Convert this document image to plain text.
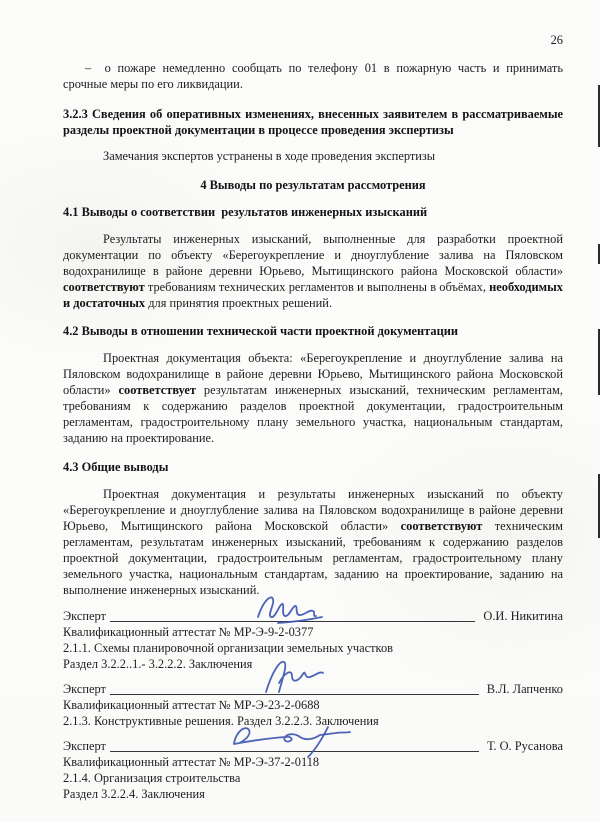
26

–  о пожаре немедленно сообщать по телефону 01 в пожарную часть и принимать срочные меры по его ликвидации.

3.2.3 Сведения об оперативных изменениях, внесенных заявителем в рассматриваемые разделы проектной документации в процессе проведения экспертизы

Замечания экспертов устранены в ходе проведения экспертизы

4 Выводы по результатам рассмотрения

4.1 Выводы о соответствии  результатов инженерных изысканий

Результаты инженерных изысканий, выполненные для разработки проектной документации по объекту «Берегоукрепление и дноуглубление залива на Пяловском водохранилище в районе деревни Юрьево, Мытищинского района Московской области» соответствуют требованиям технических регламентов и выполнены в объёмах, необходимых и достаточных для принятия проектных решений.

4.2 Выводы в отношении технической части проектной документации

Проектная документация объекта: «Берегоукрепление и дноуглубление залива на Пяловском водохранилище в районе деревни Юрьево, Мытищинского района Московской области» соответствует результатам инженерных изысканий, техническим регламентам, требованиям к содержанию разделов проектной документации, градостроительным регламентам, градостроительному плану земельного участка, национальным стандартам, заданию на проектирование.

4.3 Общие выводы

Проектная документация и результаты инженерных изысканий по объекту «Берегоукрепление и дноуглубление залива на Пяловском водохранилище в районе деревни Юрьево, Мытищинского района Московской области» соответствуют техническим регламентам, результатам инженерных изысканий, требованиям к содержанию разделов проектной документации, градостроительным регламентам, градостроительному плану земельного участка, национальным стандартам, заданию на проектирование, заданию на выполнение инженерных изысканий.

Эксперт	О.И. Никитина
Квалификационный аттестат № МР-Э-9-2-0377
2.1.1. Схемы планировочной организации земельных участков
Раздел 3.2.2..1.- 3.2.2.2. Заключения
Эксперт	В.Л. Лапченко
Квалификационный аттестат № МР-Э-23-2-0688
2.1.3. Конструктивные решения. Раздел 3.2.2.3. Заключения
Эксперт	Т. О. Русанова
Квалификационный аттестат № МР-Э-37-2-0118
2.1.4. Организация строительства
Раздел 3.2.2.4. Заключения
